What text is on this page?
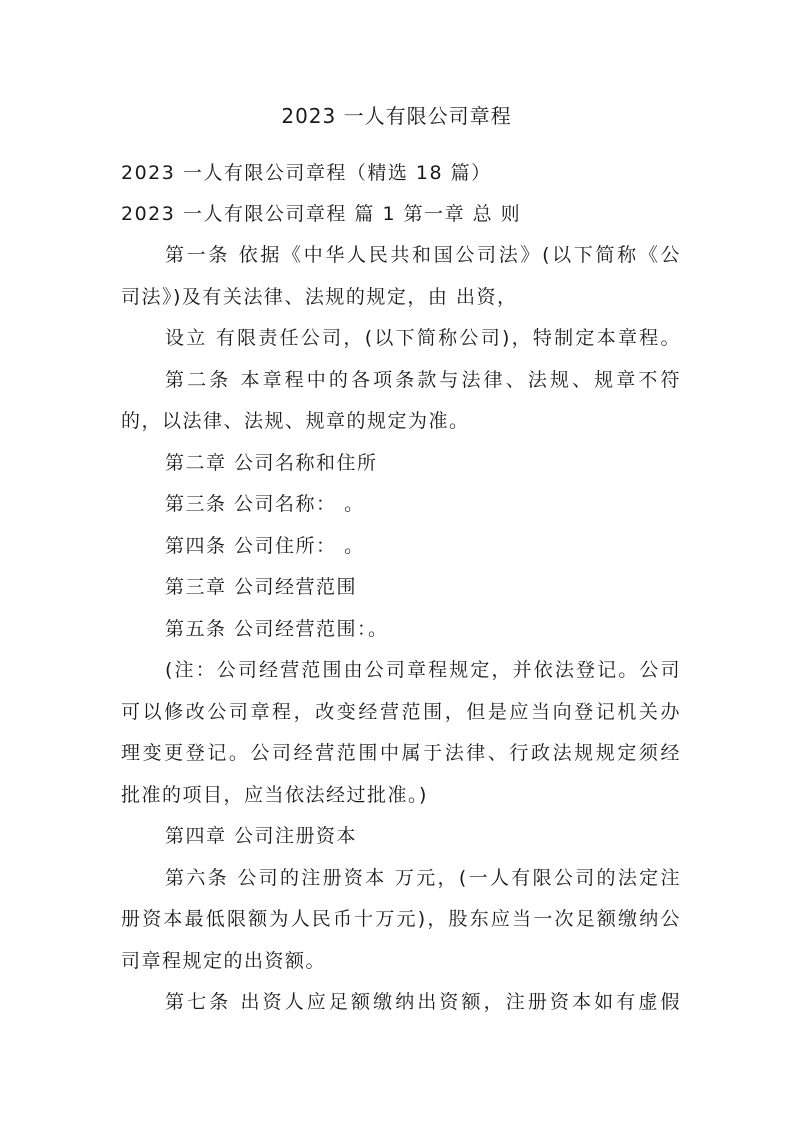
2023 一人有限公司章程
2023 一人有限公司章程（精选 18 篇）
2023 一人有限公司章程 篇 1 第一章 总 则
第一条 依据《中华人民共和国公司法》(以下简称《公
司法》)及有关法律、法规的规定，由 出资，
设立 有限责任公司，(以下简称公司)，特制定本章程。
第二条 本章程中的各项条款与法律、法规、规章不符
的，以法律、法规、规章的规定为准。
第二章 公司名称和住所
第三条 公司名称： 。
第四条 公司住所： 。
第三章 公司经营范围
第五条 公司经营范围：。
(注：公司经营范围由公司章程规定，并依法登记。公司
可以修改公司章程，改变经营范围，但是应当向登记机关办
理变更登记。公司经营范围中属于法律、行政法规规定须经
批准的项目，应当依法经过批准。)
第四章 公司注册资本
第六条 公司的注册资本 万元，(一人有限公司的法定注
册资本最低限额为人民币十万元)，股东应当一次足额缴纳公
司章程规定的出资额。
第七条 出资人应足额缴纳出资额，注册资本如有虚假
